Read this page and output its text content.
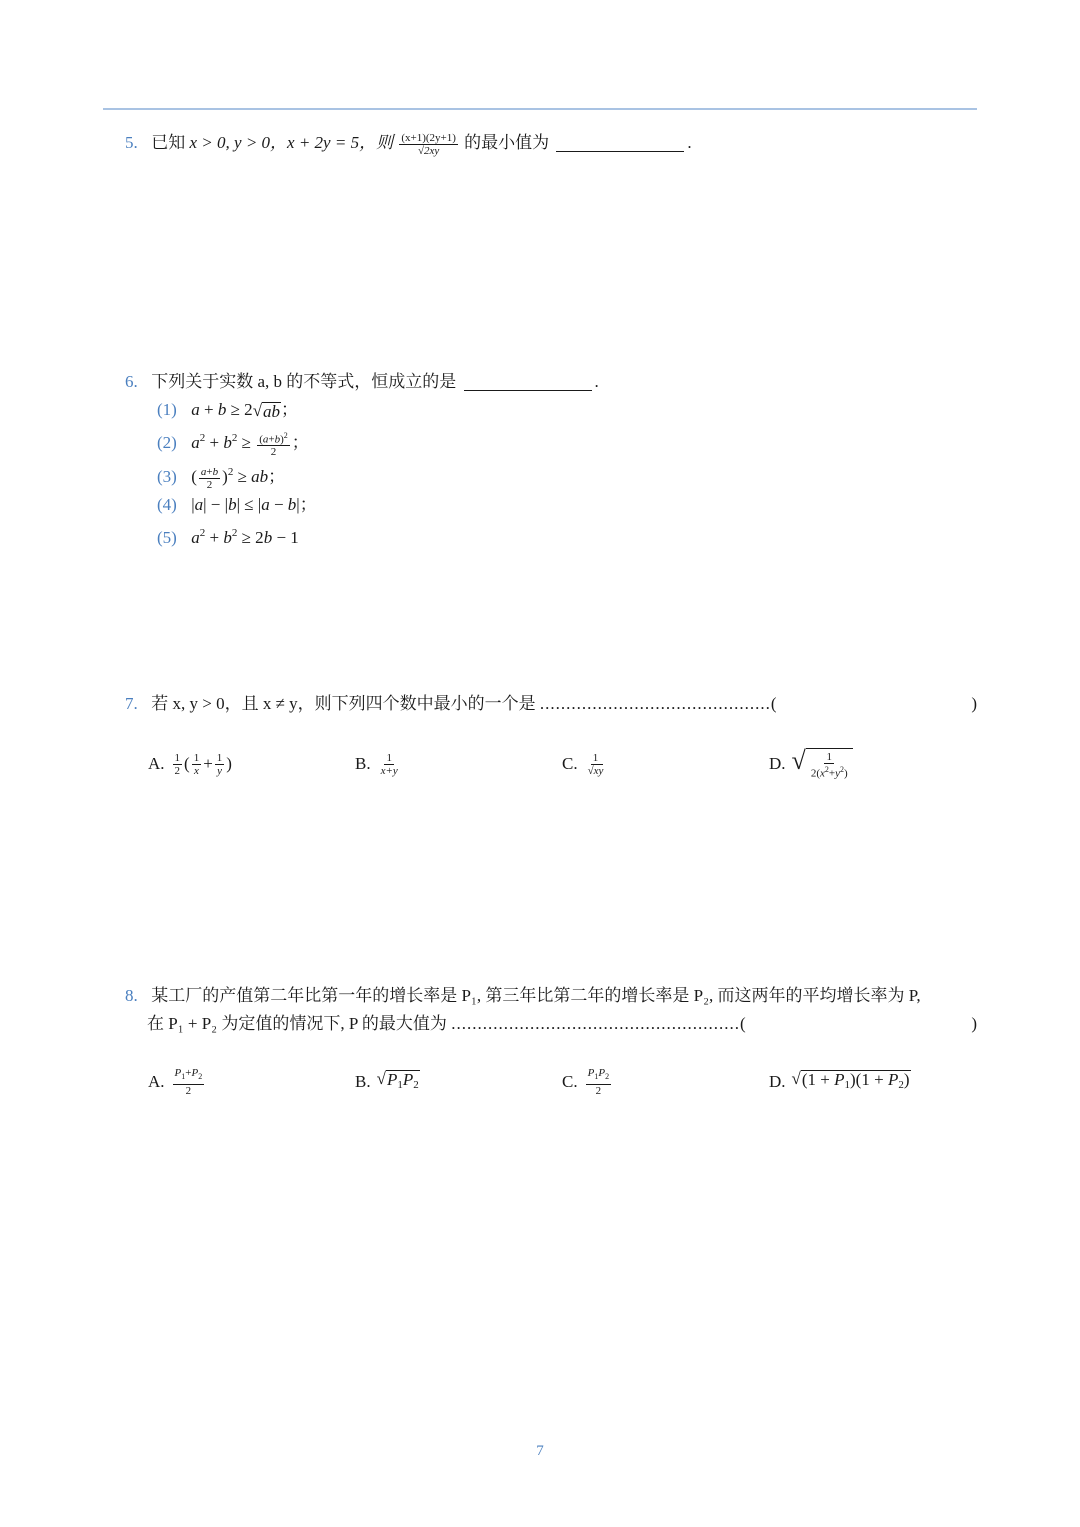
5. 已知 x > 0, y > 0，x + 2y = 5，则 $\frac{(x+1)(2y+1)}{√2xy}$ 的最小值为	.
6. 下列关于实数 a, b 的不等式，恒成立的是	.
(1) a + b ≥ 2 √ ab ；
(2) $a^2 + b^2 \ge \frac{(a+b)^2}{2}$ ；
(3) ( $\frac{a+b}{2} )^2$ ≥ ab；
(4) |a| − |b| ≤ |a − b|；
(5) $a^2 + b^2 \ge 2b - 1$
7. 若 x, y > 0，且 x ≠ y，则下列四个数中最小的一个是 ............................................(	)
A. $\frac{1}{2}$ ( $\frac{1}{x} + \frac{1}{y}$ )	B. $\frac{1}{x+y}$	C. $\frac{1}{√xy}$	D. √ $\frac{1}{2(x^2+y^2)}$
8. 某工厂的产值第二年比第一年的增长率是 P₁, 第三年比第二年的增长率是 P₂, 而这两年的平均增长率为 P,
在 P₁ + P₂ 为定值的情况下, P 的最大值为 .......................................................(	)
A. $\frac{P_1+P_2}{2}$	B. √ $P_1P_2$	C. $\frac{P_1P_2}{2}$	D. √ $(1 + P_1)(1 + P_2)$
7
